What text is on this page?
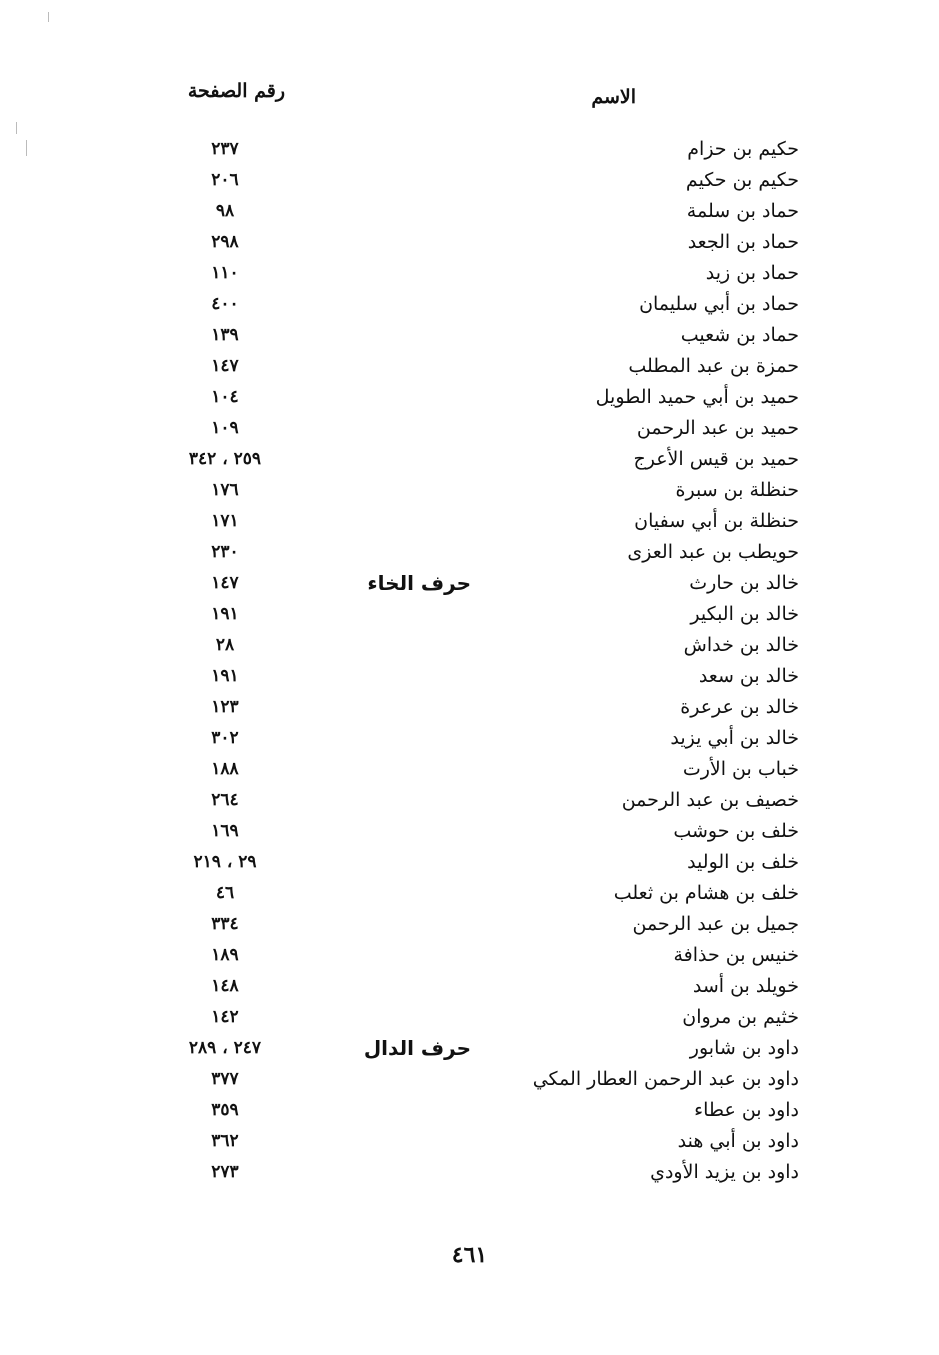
الاسم
رقم الصفحة
حكيم بن حزام
٢٣٧
حكيم بن حكيم
٢٠٦
حماد بن سلمة
٩٨
حماد بن الجعد
٢٩٨
حماد بن زيد
١١٠
حماد بن أبي سليمان
٤٠٠
حماد بن شعيب
١٣٩
حمزة بن عبد المطلب
١٤٧
حميد بن أبي حميد الطويل
١٠٤
حميد بن عبد الرحمن
١٠٩
حميد بن قيس الأعرج
٢٥٩ ، ٣٤٢
حنظلة بن سبرة
١٧٦
حنظلة بن أبي سفيان
١٧١
حويطب بن عبد العزى
٢٣٠
خالد بن حارث
حرف الخاء
١٤٧
خالد بن البكير
١٩١
خالد بن خداش
٢٨
خالد بن سعد
١٩١
خالد بن عرعرة
١٢٣
خالد بن أبي يزيد
٣٠٢
خباب بن الأرت
١٨٨
خصيف بن عبد الرحمن
٢٦٤
خلف بن حوشب
١٦٩
خلف بن الوليد
٢٩ ، ٢١٩
خلف بن هشام بن ثعلب
٤٦
جميل بن عبد الرحمن
٣٣٤
خنيس بن حذافة
١٨٩
خويلد بن أسد
١٤٨
خثيم بن مروان
١٤٢
داود بن شابور
حرف الدال
٢٤٧ ، ٢٨٩
داود بن عبد الرحمن العطار المكي
٣٧٧
داود بن عطاء
٣٥٩
داود بن أبي هند
٣٦٢
داود بن يزيد الأودي
٢٧٣
٤٦١
